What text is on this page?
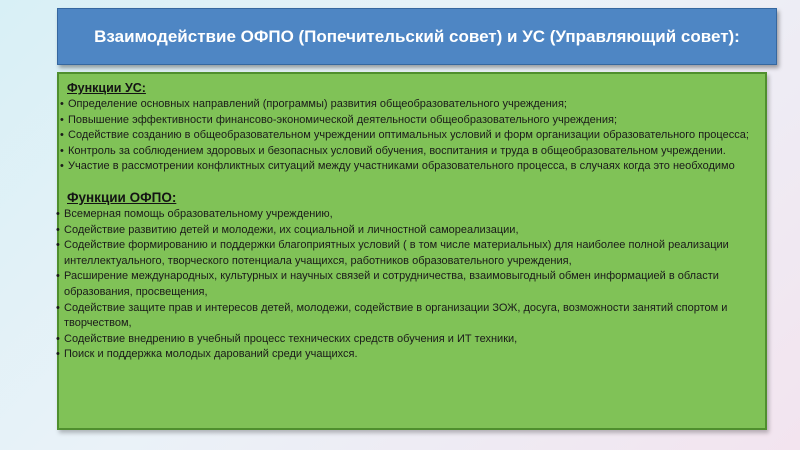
Взаимодействие ОФПО (Попечительский совет) и УС (Управляющий совет):
Функции УС:
• Определение основных направлений (программы) развития общеобразовательного учреждения;
• Повышение эффективности финансово-экономической деятельности общеобразовательного учреждения;
• Содействие созданию в общеобразовательном учреждении оптимальных условий и форм организации образовательного процесса;
• Контроль за соблюдением здоровых и безопасных условий обучения, воспитания и труда в общеобразовательном учреждении.
• Участие в рассмотрении конфликтных ситуаций между участниками образовательного процесса, в случаях когда это необходимо
Функции ОФПО:
• Всемерная помощь образовательному учреждению,
• Содействие развитию детей и молодежи, их социальной и личностной самореализации,
• Содействие формированию и поддержки благоприятных условий ( в том числе материальных) для наиболее полной реализации интеллектуального, творческого потенциала учащихся, работников образовательного учреждения,
• Расширение международных, культурных и научных связей и сотрудничества, взаимовыгодный обмен информацией в области образования, просвещения,
• Содействие защите прав и интересов детей, молодежи, содействие в организации ЗОЖ, досуга, возможности занятий спортом и творчеством,
• Содействие внедрению в учебный процесс технических средств обучения и ИТ техники,
• Поиск и поддержка молодых дарований среди учащихся.
